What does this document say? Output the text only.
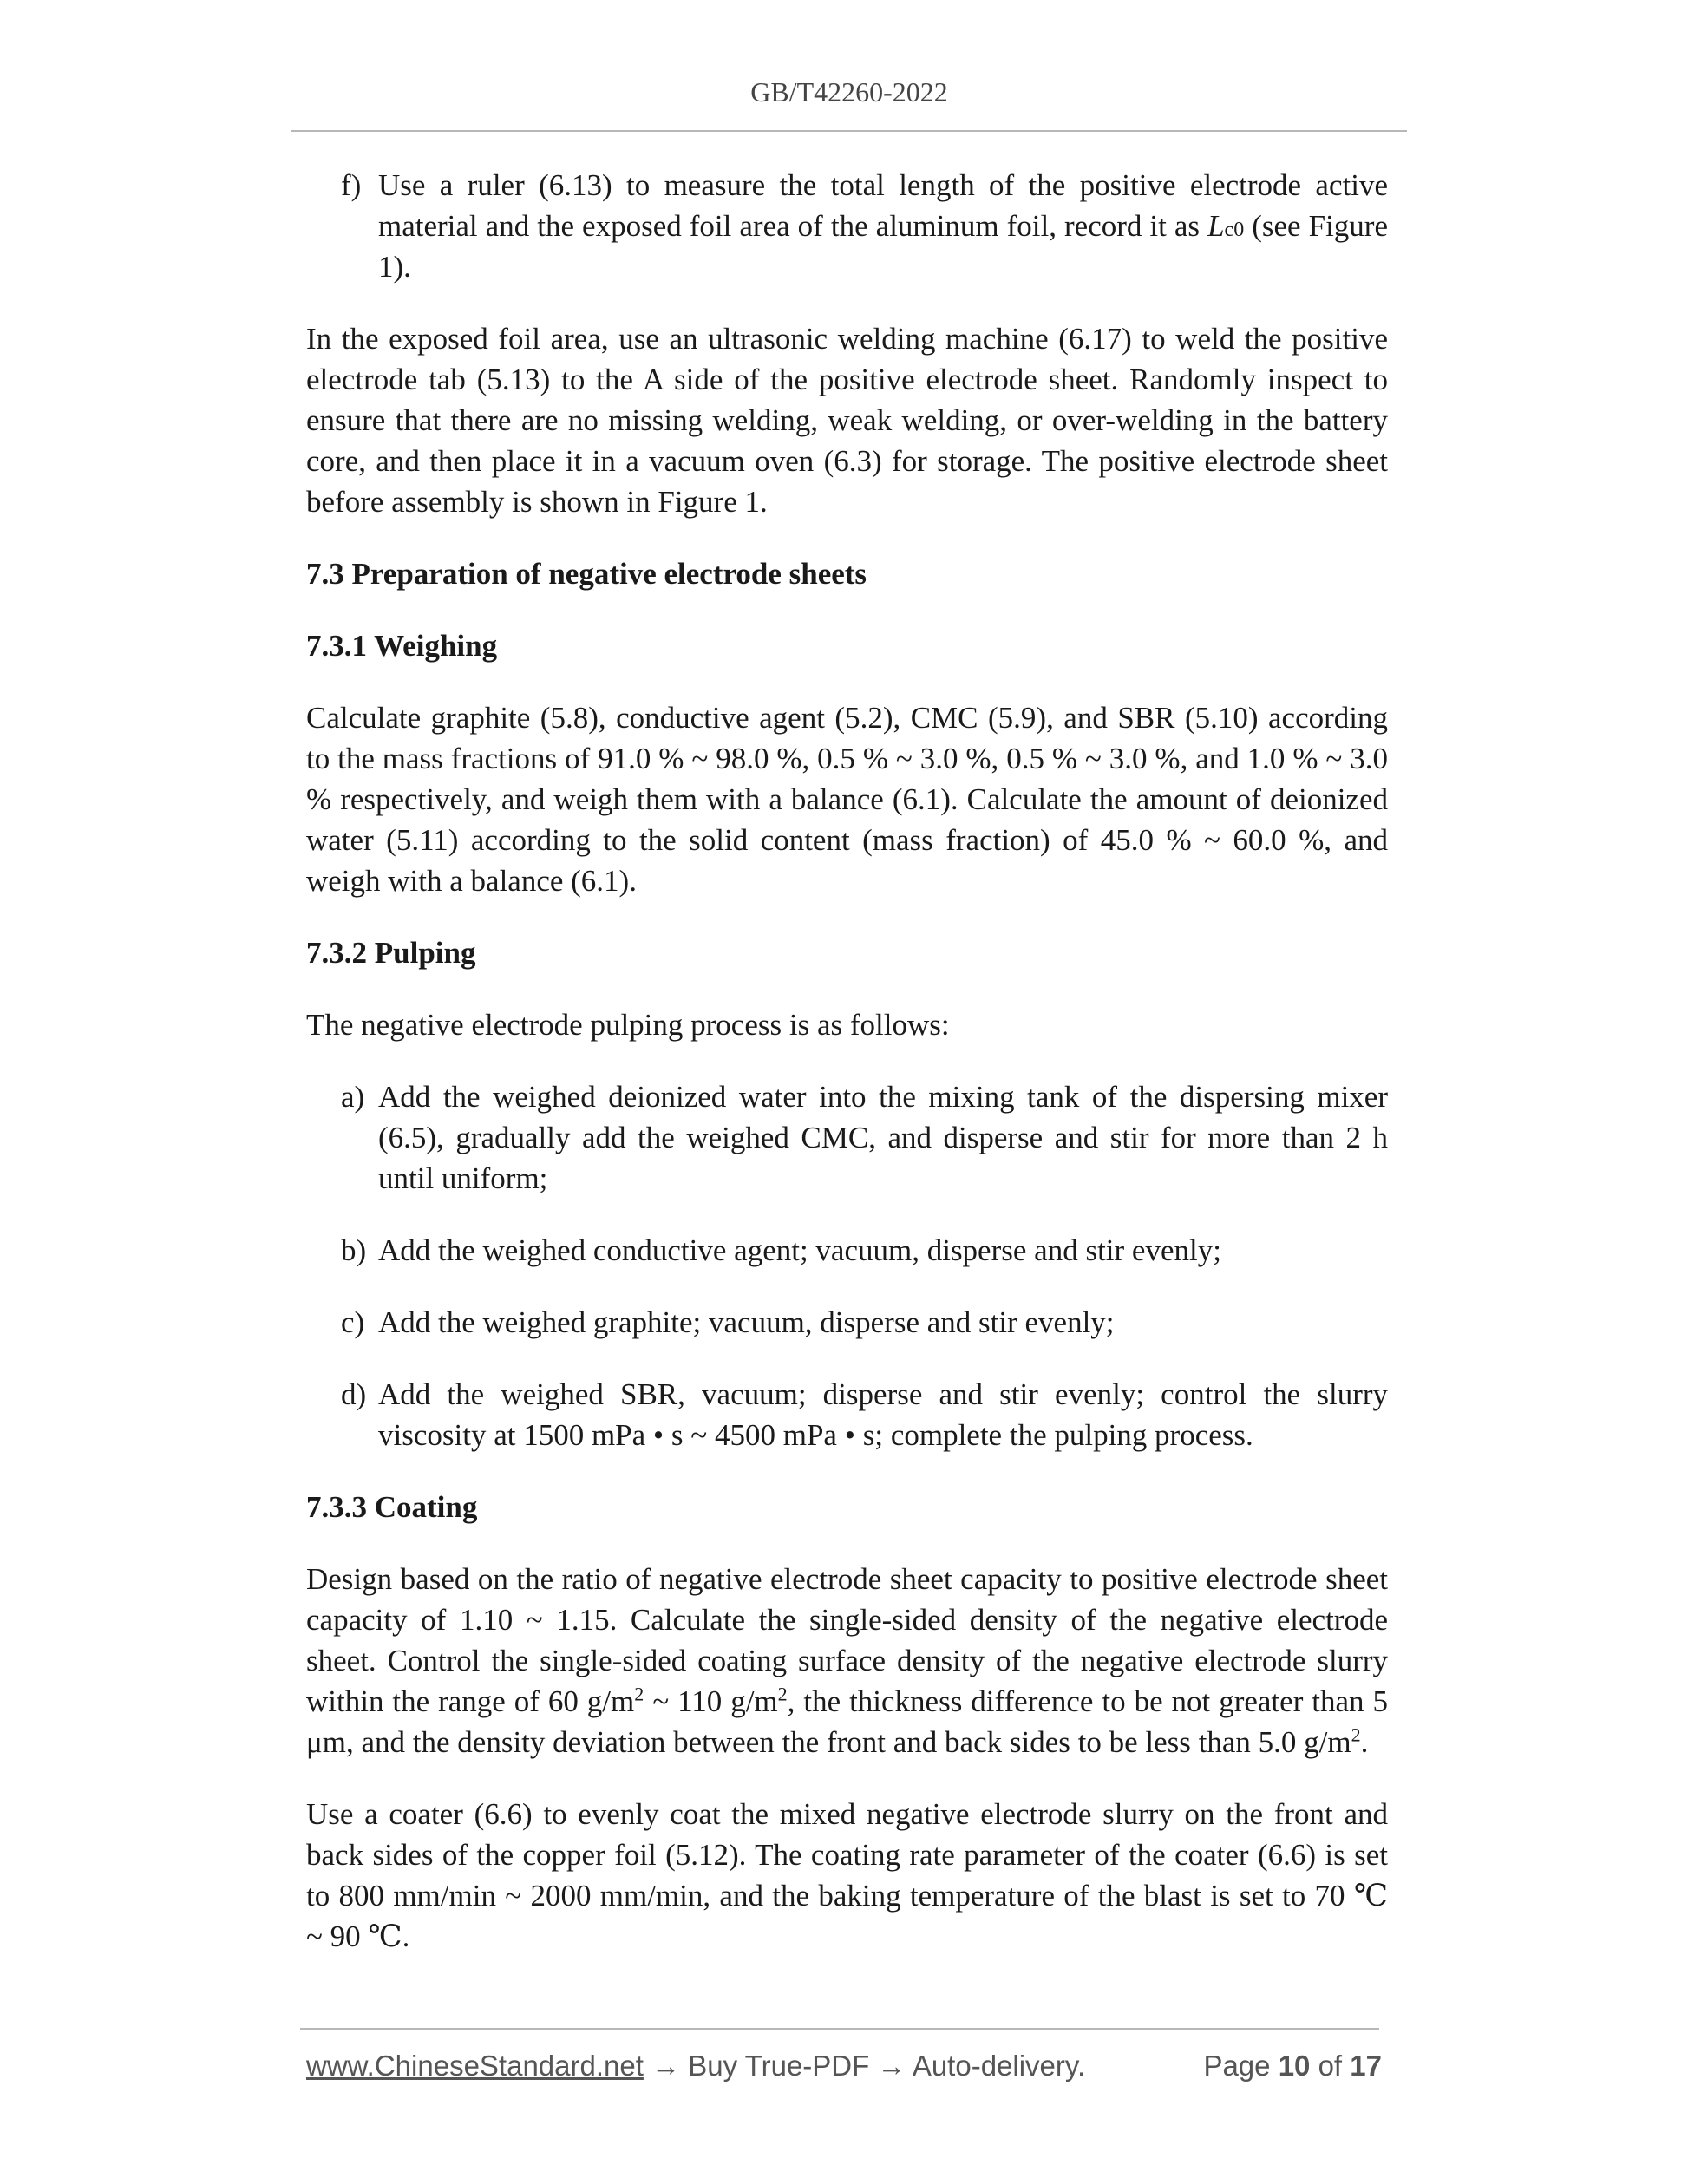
GB/T42260-2022
f) Use a ruler (6.13) to measure the total length of the positive electrode active material and the exposed foil area of the aluminum foil, record it as Lc0 (see Figure 1).

In the exposed foil area, use an ultrasonic welding machine (6.17) to weld the positive electrode tab (5.13) to the A side of the positive electrode sheet. Randomly inspect to ensure that there are no missing welding, weak welding, or over-welding in the battery core, and then place it in a vacuum oven (6.3) for storage. The positive electrode sheet before assembly is shown in Figure 1.

7.3 Preparation of negative electrode sheets

7.3.1 Weighing

Calculate graphite (5.8), conductive agent (5.2), CMC (5.9), and SBR (5.10) according to the mass fractions of 91.0 % ~ 98.0 %, 0.5 % ~ 3.0 %, 0.5 % ~ 3.0 %, and 1.0 % ~ 3.0 % respectively, and weigh them with a balance (6.1). Calculate the amount of deionized water (5.11) according to the solid content (mass fraction) of 45.0 % ~ 60.0 %, and weigh with a balance (6.1).

7.3.2 Pulping

The negative electrode pulping process is as follows:

a) Add the weighed deionized water into the mixing tank of the dispersing mixer (6.5), gradually add the weighed CMC, and disperse and stir for more than 2 h until uniform;

b) Add the weighed conductive agent; vacuum, disperse and stir evenly;

c) Add the weighed graphite; vacuum, disperse and stir evenly;

d) Add the weighed SBR, vacuum; disperse and stir evenly; control the slurry viscosity at 1500 mPa • s ~ 4500 mPa • s; complete the pulping process.

7.3.3 Coating

Design based on the ratio of negative electrode sheet capacity to positive electrode sheet capacity of 1.10 ~ 1.15. Calculate the single-sided density of the negative electrode sheet. Control the single-sided coating surface density of the negative electrode slurry within the range of 60 $g/m^2$ ~ 110 $g/m^2$, the thickness difference to be not greater than 5 μm, and the density deviation between the front and back sides to be less than 5.0 $g/m^2$.

Use a coater (6.6) to evenly coat the mixed negative electrode slurry on the front and back sides of the copper foil (5.12). The coating rate parameter of the coater (6.6) is set to 800 mm/min ~ 2000 mm/min, and the baking temperature of the blast is set to 70 ℃ ~ 90 ℃.

www.ChineseStandard.net → Buy True-PDF → Auto-delivery.	Page 10 of 17
